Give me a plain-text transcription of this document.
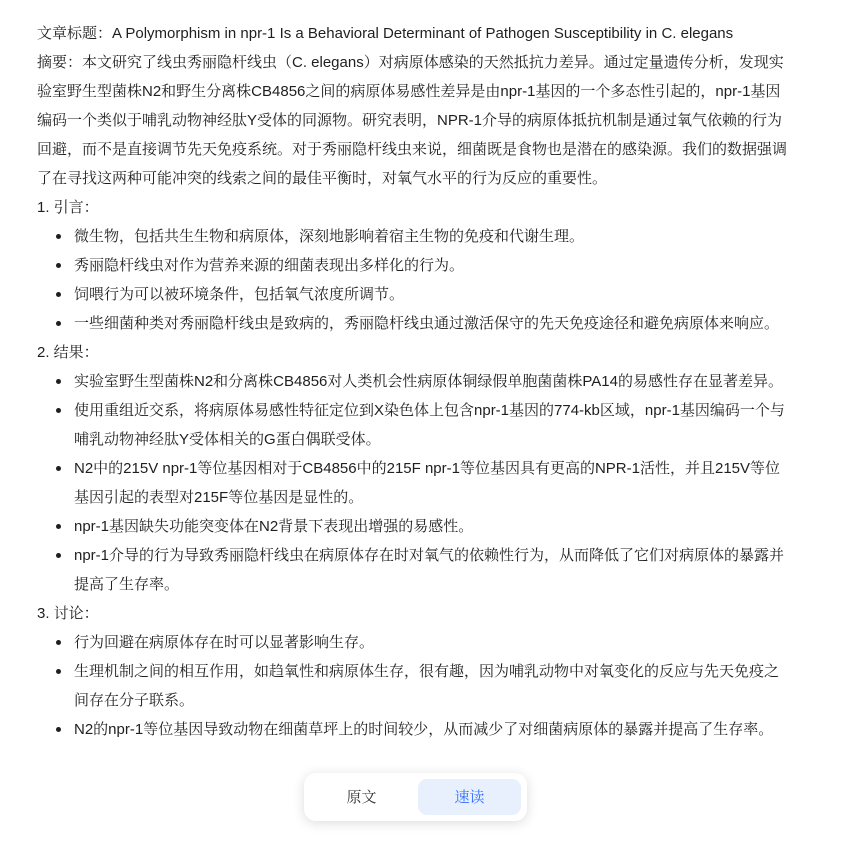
文章标题：A Polymorphism in npr-1 Is a Behavioral Determinant of Pathogen Susceptibility in C. elegans

摘要：本文研究了线虫秀丽隐杆线虫（C. elegans）对病原体感染的天然抵抗力差异。通过定量遗传分析，发现实验室野生型菌株N2和野生分离株CB4856之间的病原体易感性差异是由npr-1基因的一个多态性引起的，npr-1基因编码一个类似于哺乳动物神经肽Y受体的同源物。研究表明，NPR-1介导的病原体抵抗机制是通过氧气依赖的行为回避，而不是直接调节先天免疫系统。对于秀丽隐杆线虫来说，细菌既是食物也是潜在的感染源。我们的数据强调了在寻找这两种可能冲突的线索之间的最佳平衡时，对氧气水平的行为反应的重要性。

1. 引言：

微生物，包括共生生物和病原体，深刻地影响着宿主生物的免疫和代谢生理。
秀丽隐杆线虫对作为营养来源的细菌表现出多样化的行为。
饲喂行为可以被环境条件，包括氧气浓度所调节。
一些细菌种类对秀丽隐杆线虫是致病的，秀丽隐杆线虫通过激活保守的先天免疫途径和避免病原体来响应。

2. 结果：

实验室野生型菌株N2和分离株CB4856对人类机会性病原体铜绿假单胞菌菌株PA14的易感性存在显著差异。
使用重组近交系，将病原体易感性特征定位到X染色体上包含npr-1基因的774-kb区域，npr-1基因编码一个与哺乳动物神经肽Y受体相关的G蛋白偶联受体。
N2中的215V npr-1等位基因相对于CB4856中的215F npr-1等位基因具有更高的NPR-1活性，并且215V等位基因引起的表型对215F等位基因是显性的。
npr-1基因缺失功能突变体在N2背景下表现出增强的易感性。
npr-1介导的行为导致秀丽隐杆线虫在病原体存在时对氧气的依赖性行为，从而降低了它们对病原体的暴露并提高了生存率。

3. 讨论：

行为回避在病原体存在时可以显著影响生存。
生理机制之间的相互作用，如趋氧性和病原体生存，很有趣，因为哺乳动物中对氧变化的反应与先天免疫之间存在分子联系。
N2的npr-1等位基因导致动物在细菌草坪上的时间较少，从而减少了对细菌病原体的暴露并提高了生存率。
原文	速读
